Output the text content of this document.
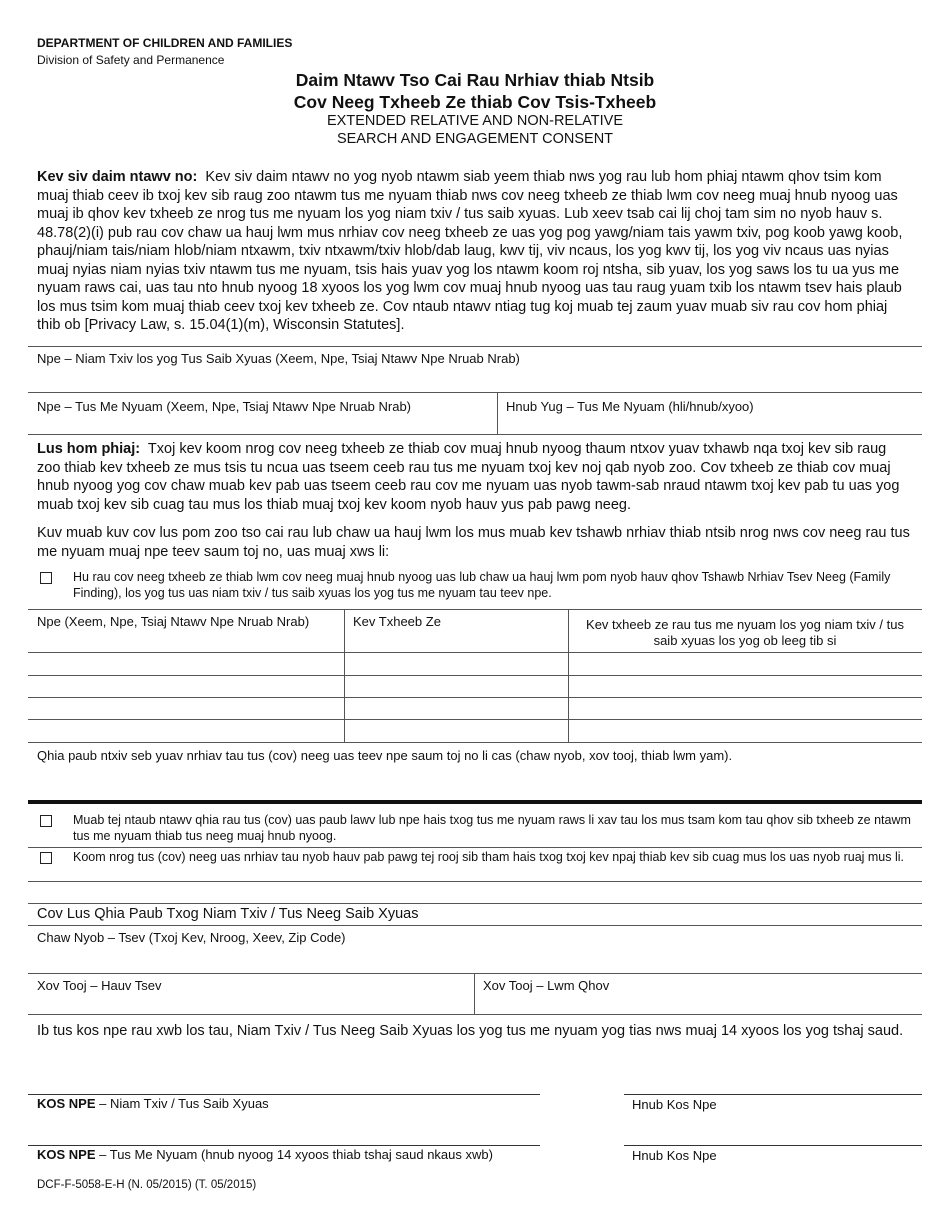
DEPARTMENT OF CHILDREN AND FAMILIES
Division of Safety and Permanence
Daim Ntawv Tso Cai Rau Nrhiav thiab Ntsib
Cov Neeg Txheeb Ze thiab Cov Tsis-Txheeb
EXTENDED RELATIVE AND NON-RELATIVE
SEARCH AND ENGAGEMENT CONSENT
Kev siv daim ntawv no: Kev siv daim ntawv no yog nyob ntawm siab yeem thiab nws yog rau lub hom phiaj ntawm qhov tsim kom muaj thiab ceev ib txoj kev sib raug zoo ntawm tus me nyuam thiab nws cov neeg txheeb ze thiab lwm cov neeg muaj hnub nyoog uas muaj ib qhov kev txheeb ze nrog tus me nyuam los yog niam txiv / tus saib xyuas. Lub xeev tsab cai lij choj tam sim no nyob hauv s. 48.78(2)(i) pub rau cov chaw ua hauj lwm mus nrhiav cov neeg txheeb ze uas yog pog yawg/niam tais yawm txiv, pog koob yawg koob, phauj/niam tais/niam hlob/niam ntxawm, txiv ntxawm/txiv hlob/dab laug, kwv tij, viv ncaus, los yog kwv tij, los yog viv ncaus uas nyias muaj nyias niam nyias txiv ntawm tus me nyuam, tsis hais yuav yog los ntawm koom roj ntsha, sib yuav, los yog saws los tu ua yus me nyuam raws cai, uas tau nto hnub nyoog 18 xyoos los yog lwm cov muaj hnub nyoog uas tau raug yuam txib los ntawm tsev hais plaub los mus tsim kom muaj thiab ceev txoj kev txheeb ze. Cov ntaub ntawv ntiag tug koj muab tej zaum yuav muab siv rau cov hom phiaj thib ob [Privacy Law, s. 15.04(1)(m), Wisconsin Statutes].
Npe – Niam Txiv los yog Tus Saib Xyuas (Xeem, Npe, Tsiaj Ntawv Npe Nruab Nrab)
Npe – Tus Me Nyuam (Xeem, Npe, Tsiaj Ntawv Npe Nruab Nrab)	Hnub Yug – Tus Me Nyuam (hli/hnub/xyoo)
Lus hom phiaj: Txoj kev koom nrog cov neeg txheeb ze thiab cov muaj hnub nyoog thaum ntxov yuav txhawb nqa txoj kev sib raug zoo thiab kev txheeb ze mus tsis tu ncua uas tseem ceeb rau tus me nyuam txoj kev noj qab nyob zoo. Cov txheeb ze thiab cov muaj hnub nyoog yog cov chaw muab kev pab uas tseem ceeb rau cov me nyuam uas nyob tawm-sab nraud ntawm txoj kev pab tu uas yog muab txoj kev sib cuag tau mus los thiab muaj txoj kev koom nyob hauv yus pab pawg neeg.
Kuv muab kuv cov lus pom zoo tso cai rau lub chaw ua hauj lwm los mus muab kev tshawb nrhiav thiab ntsib nrog nws cov neeg rau tus me nyuam muaj npe teev saum toj no, uas muaj xws li:
Hu rau cov neeg txheeb ze thiab lwm cov neeg muaj hnub nyoog uas lub chaw ua hauj lwm pom nyob hauv qhov Tshawb Nrhiav Tsev Neeg (Family Finding), los yog tus uas niam txiv / tus saib xyuas los yog tus me nyuam tau teev npe.
Npe (Xeem, Npe, Tsiaj Ntawv Npe Nruab Nrab)	Kev Txheeb Ze	Kev txheeb ze rau tus me nyuam los yog niam txiv / tus saib xyuas los yog ob leeg tib si
Qhia paub ntxiv seb yuav nrhiav tau tus (cov) neeg uas teev npe saum toj no li cas (chaw nyob, xov tooj, thiab lwm yam).
Muab tej ntaub ntawv qhia rau tus (cov) uas paub lawv lub npe hais txog tus me nyuam raws li xav tau los mus tsam kom tau qhov sib txheeb ze ntawm tus me nyuam thiab tus neeg muaj hnub nyoog.
Koom nrog tus (cov) neeg uas nrhiav tau nyob hauv pab pawg tej rooj sib tham hais txog txoj kev npaj thiab kev sib cuag mus los uas nyob ruaj mus li.
Cov Lus Qhia Paub Txog Niam Txiv / Tus Neeg Saib Xyuas
Chaw Nyob – Tsev (Txoj Kev, Nroog, Xeev, Zip Code)
Xov Tooj – Hauv Tsev	Xov Tooj – Lwm Qhov
Ib tus kos npe rau xwb los tau, Niam Txiv / Tus Neeg Saib Xyuas los yog tus me nyuam yog tias nws muaj 14 xyoos los yog tshaj saud.
KOS NPE – Niam Txiv / Tus Saib Xyuas	Hnub Kos Npe
KOS NPE – Tus Me Nyuam (hnub nyoog 14 xyoos thiab tshaj saud nkaus xwb)	Hnub Kos Npe
DCF-F-5058-E-H (N. 05/2015) (T. 05/2015)
